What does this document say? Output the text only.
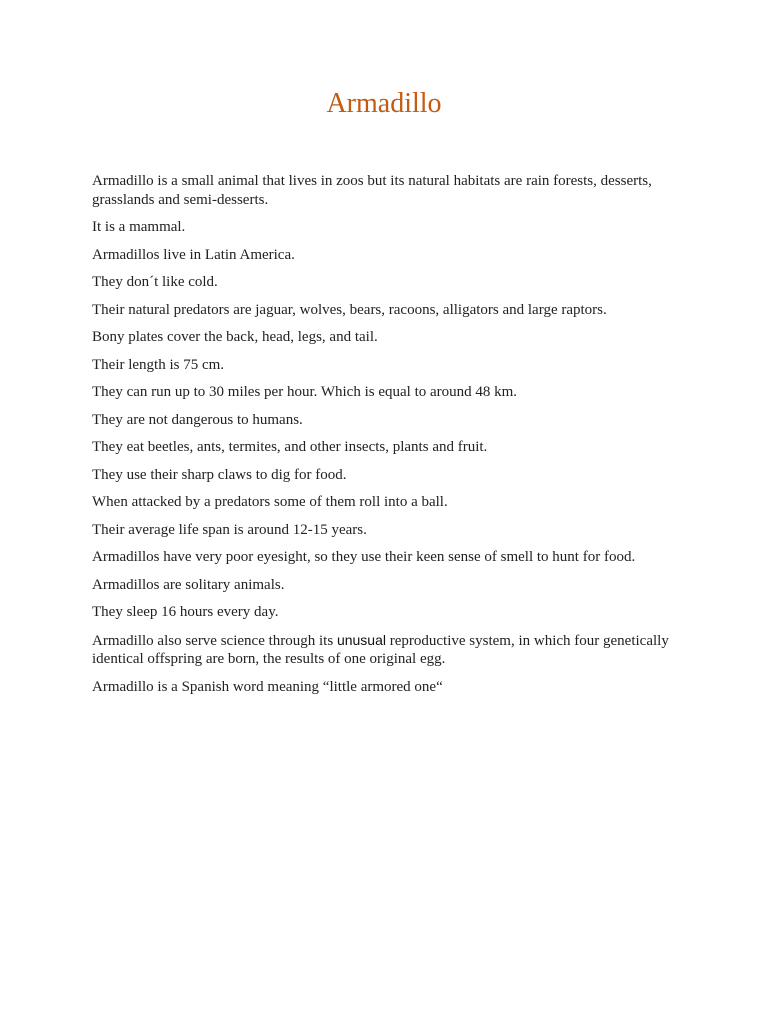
Armadillo

Armadillo is a small animal that lives in zoos but its natural habitats are rain forests, desserts, grasslands and semi-desserts.

It is a mammal.

Armadillos live in Latin America.

They don´t like cold.

Their natural predators are jaguar, wolves, bears, racoons, alligators and large raptors.

Bony plates cover the back, head, legs, and tail.

Their length is 75 cm.

They can run up to 30 miles per hour. Which is equal to around 48 km.

They are not dangerous to humans.

They eat beetles, ants, termites, and other insects, plants and fruit.

They use their sharp claws to dig for food.

When attacked by a predators some of them roll into a ball.

Their average life span is around 12-15 years.

Armadillos have very poor eyesight, so they use their keen sense of smell to hunt for food.

Armadillos are solitary animals.

They sleep 16 hours every day.

Armadillo also serve science through its unusual reproductive system, in which four genetically identical offspring are born, the results of one original egg.

Armadillo is a Spanish word meaning “little armored one“
